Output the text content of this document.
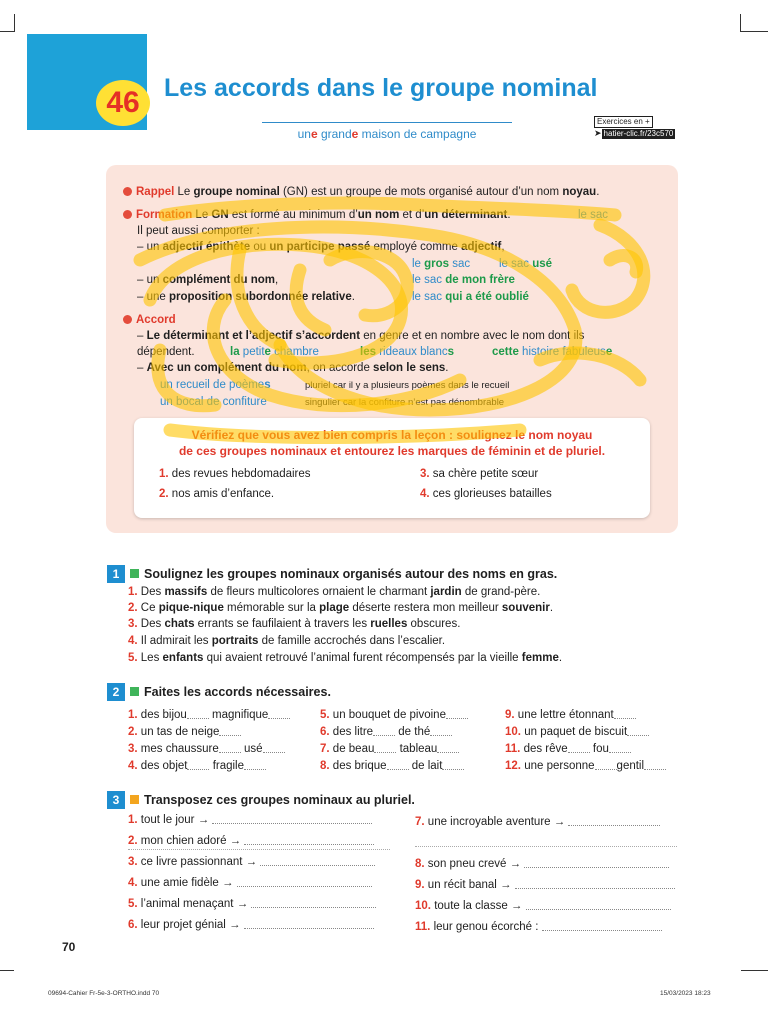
46 Les accords dans le groupe nominal
une grande maison de campagne
Exercices en +
➤ hatier-clic.fr/23c570
Rappel Le groupe nominal (GN) est un groupe de mots organisé autour d’un nom noyau.
Formation Le GN est formé au minimum d’un nom et d’un déterminant.	le sac
Il peut aussi comporter :
– un adjectif épithète ou un participe passé employé comme adjectif,
le gros sac	le sac usé
– un complément du nom,	le sac de mon frère
– une proposition subordonnée relative.	le sac qui a été oublié
Accord
– Le déterminant et l’adjectif s’accordent en genre et en nombre avec le nom dont ils
dépendent.	la petite chambre	les rideaux blancs	cette histoire fabuleuse
– Avec un complément du nom, on accorde selon le sens.
un recueil de poèmes	pluriel car il y a plusieurs poèmes dans le recueil
un bocal de confiture	singulier car la confiture n’est pas dénombrable
Vérifiez que vous avez bien compris la leçon : soulignez le nom noyau
de ces groupes nominaux et entourez les marques de féminin et de pluriel.
1. des revues hebdomadaires
2. nos amis d’enfance.
3. sa chère petite sœur
4. ces glorieuses batailles
1	Soulignez les groupes nominaux organisés autour des noms en gras.
1. Des massifs de fleurs multicolores ornaient le charmant jardin de grand-père.
2. Ce pique-nique mémorable sur la plage déserte restera mon meilleur souvenir.
3. Des chats errants se faufilaient à travers les ruelles obscures.
4. Il admirait les portraits de famille accrochés dans l’escalier.
5. Les enfants qui avaient retrouvé l’animal furent récompensés par la vieille femme.
2	Faites les accords nécessaires.
1. des bijou magnifique
2. un tas de neige
3. mes chaussure usé
4. des objet fragile
5. un bouquet de pivoine
6. des litre de thé
7. de beau tableau
8. des brique de lait
9. une lettre étonnant
10. un paquet de biscuit
11. des rêve fou
12. une personne gentil
3	Transposez ces groupes nominaux au pluriel.
1. tout le jour →
2. mon chien adoré →
3. ce livre passionnant →
4. une amie fidèle →
5. l’animal menaçant →
6. leur projet génial →
7. une incroyable aventure →
8. son pneu crevé →
9. un récit banal →
10. toute la classe →
11. leur genou écorché :
70
09694-Cahier Fr-5e-3-ORTHO.indd 70	15/03/2023 18:23
